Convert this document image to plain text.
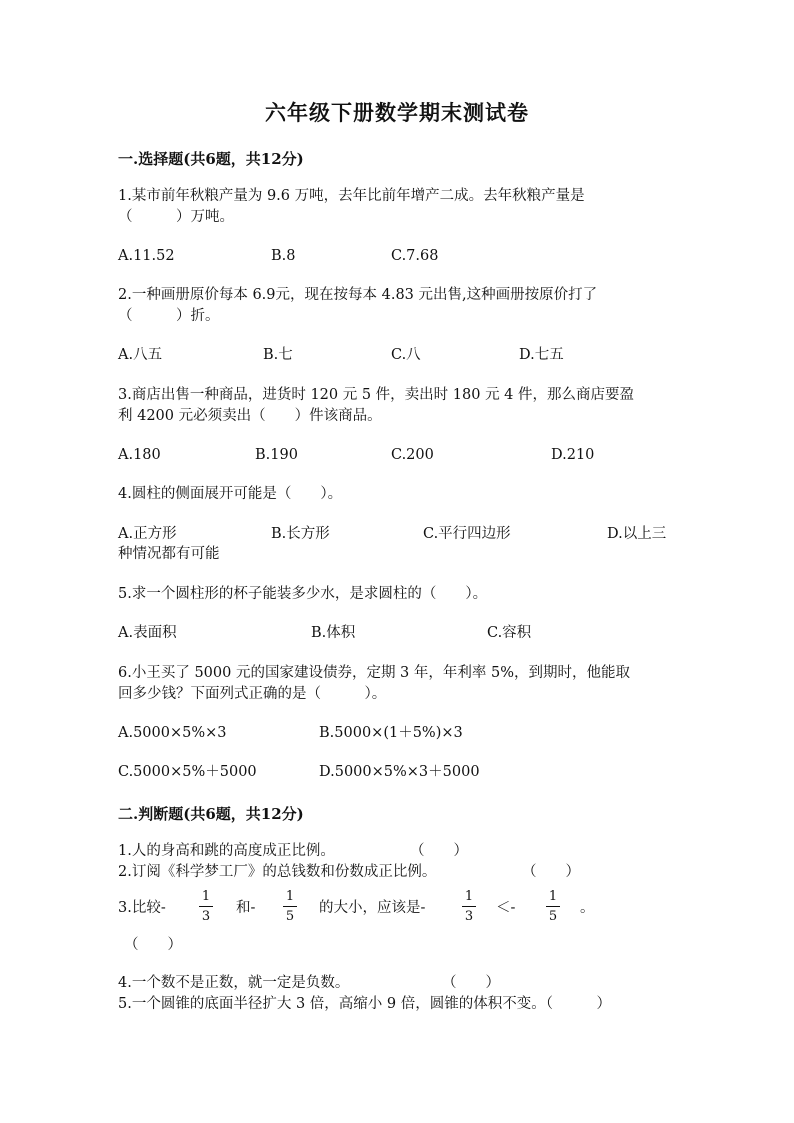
六年级下册数学期末测试卷
一.选择题(共6题，共12分)
1.某市前年秋粮产量为 9.6 万吨，去年比前年增产二成。去年秋粮产量是
（　　　）万吨。
A.11.52	B.8	C.7.68
2.一种画册原价每本 6.9元，现在按每本 4.83 元出售,这种画册按原价打了
（　　　）折。
A.八五	B.七	C.八	D.七五
3.商店出售一种商品，进货时 120 元 5 件，卖出时 180 元 4 件，那么商店要盈
利 4200 元必须卖出（　　）件该商品。
A.180	B.190	C.200	D.210
4.圆柱的侧面展开可能是（　　）。
A.正方形	B.长方形	C.平行四边形	D.以上三
种情况都有可能
5.求一个圆柱形的杯子能装多少水，是求圆柱的（　　）。
A.表面积	B.体积	C.容积
6.小王买了 5000 元的国家建设债券，定期 3 年，年利率 5%，到期时，他能取
回多少钱？下面列式正确的是（　　　）。
A.5000×5%×3	B.5000×(1＋5%)×3
C.5000×5%＋5000	D.5000×5%×3＋5000
二.判断题(共6题，共12分)
1.人的身高和跳的高度成正比例。	（　　）
2.订阅《科学梦工厂》的总钱数和份数成正比例。	（　　）
3.比较-
1
3
和-
1
5
的大小，应该是-
1
3
＜-
1
5
。
（　　）
4.一个数不是正数，就一定是负数。	（　　）
5.一个圆锥的底面半径扩大 3 倍，高缩小 9 倍，圆锥的体积不变。（　　　）
